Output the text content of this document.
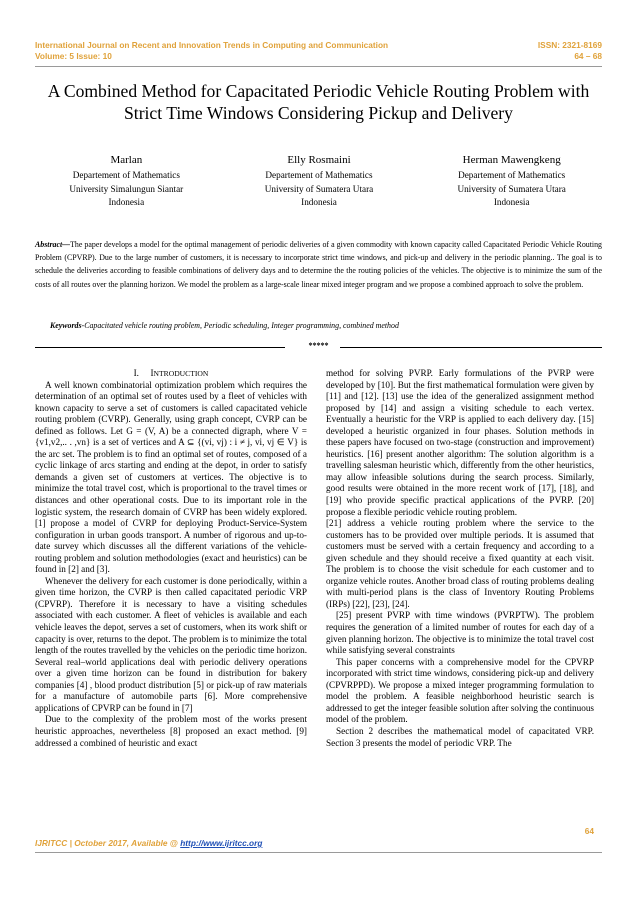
International Journal on Recent and Innovation Trends in Computing and Communication
Volume: 5 Issue: 10
ISSN: 2321-8169
64 – 68
A Combined Method for Capacitated Periodic Vehicle Routing Problem with Strict Time Windows Considering Pickup and Delivery
Marlan
Departement of Mathematics
University Simalungun Siantar
Indonesia
Elly Rosmaini
Departement of Mathematics
University of Sumatera Utara
Indonesia
Herman Mawengkeng
Departement of Mathematics
University of Sumatera Utara
Indonesia
Abstract—The paper develops a model for the optimal management of periodic deliveries of a given commodity with known capacity called Capacitated Periodic Vehicle Routing Problem (CPVRP). Due to the large number of customers, it is necessary to incorporate strict time windows, and pick-up and delivery in the periodic planning.. The goal is to schedule the deliveries according to feasible combinations of delivery days and to determine the the routing policies of the vehicles. The objective is to minimize the sum of the costs of all routes over the planning horizon. We model the problem as a large-scale linear mixed integer program and we propose a combined approach to solve the problem.
Keywords-Capacitated vehicle routing problem, Periodic scheduling, Integer programming, combined method
*****

I. INTRODUCTION

A well known combinatorial optimization problem which requires the determination of an optimal set of routes used by a fleet of vehicles with known capacity to serve a set of customers is called capacitated vehicle routing problem (CVRP). Generally, using graph concept, CVRP can be defined as follows. Let G = (V, A) be a connected digraph, where V = {v1,v2,.. . ,vn} is a set of vertices and A ⊆ {(vi, vj) : i ≠ j, vi, vj ∈ V} is the arc set. The problem is to find an optimal set of routes, composed of a cyclic linkage of arcs starting and ending at the depot, in order to satisfy demands a given set of customers at vertices. The objective is to minimize the total travel cost, which is proportional to the travel times or distances and other operational costs. Due to its important role in the logistic system, the research domain of CVRP has been widely explored. [1] propose a model of CVRP for deploying Product-Service-System configuration in urban goods transport. A number of rigorous and up-to-date survey which discusses all the different variations of the vehicle-routing problem and solution methodologies (exact and heuristics) can be found in [2] and [3].

Whenever the delivery for each customer is done periodically, within a given time horizon, the CVRP is then called capacitated periodic VRP (CPVRP). Therefore it is necessary to have a visiting schedules associated with each customer. A fleet of vehicles is available and each vehicle leaves the depot, serves a set of customers, when its work shift or capacity is over, returns to the depot. The problem is to minimize the total length of the routes travelled by the vehicles on the periodic time horizon. Several real–world applications deal with periodic delivery operations over a given time horizon can be found in distribution for bakery companies [4] , blood product distribution [5] or pick-up of raw materials for a manufacture of automobile parts [6]. More comprehensive applications of CPVRP can be found in [7]

Due to the complexity of the problem most of the works present heuristic approaches, nevertheless [8] proposed an exact method. [9] addressed a combined of heuristic and exact

method for solving PVRP. Early formulations of the PVRP were developed by [10]. But the first mathematical formulation were given by [11] and [12]. [13] use the idea of the generalized assignment method proposed by [14] and assign a visiting schedule to each vertex. Eventually a heuristic for the VRP is applied to each delivery day. [15] developed a heuristic organized in four phases. Solution methods in these papers have focused on two-stage (construction and improvement) heuristics. [16] present another algorithm: The solution algorithm is a travelling salesman heuristic which, differently from the other heuristics, may allow infeasible solutions during the search process. Similarly, good results were obtained in the more recent work of [17], [18], and [19] who provide specific practical applications of the PVRP. [20] propose a flexible periodic vehicle routing problem.

[21] address a vehicle routing problem where the service to the customers has to be provided over multiple periods. It is assumed that customers must be served with a certain frequency and according to a given schedule and they should receive a fixed quantity at each visit. The problem is to choose the visit schedule for each customer and to organize vehicle routes. Another broad class of routing problems dealing with multi-period plans is the class of Inventory Routing Problems (IRPs) [22], [23], [24].

[25] present PVRP with time windows (PVRPTW). The problem requires the generation of a limited number of routes for each day of a given planning horizon. The objective is to minimize the total travel cost while satisfying several constraints

This paper concerns with a comprehensive model for the CPVRP incorporated with strict time windows, considering pick-up and delivery (CPVRPPD). We propose a mixed integer programming formulation to model the problem. A feasible neighborhood heuristic search is addressed to get the integer feasible solution after solving the continuous model of the problem.

Section 2 describes the mathematical model of capacitated VRP. Section 3 presents the model of periodic VRP. The

64
IJRITCC | October 2017, Available @ http://www.ijritcc.org
